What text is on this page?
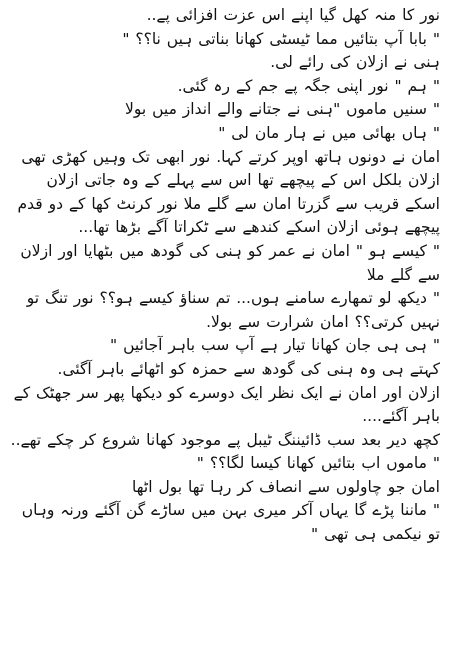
نور کا منہ کھل گیا اپنے اس عزت افزائی پے..

" بابا آپ بتائیں مما ٹیسٹی کھانا بناتی ہیں نا؟؟ "

ہنی نے ازلان کی رائے لی.

" ہم " نور اپنی جگہ پے جم کے رہ گئی.

" سنیں ماموں "ہنی نے جتانے والے انداز میں بولا

" ہاں بھائی میں نے ہار مان لی "

امان نے دونوں ہاتھ اوپر کرتے کہا. نور ابھی تک وہیں کھڑی تھی ازلان بلکل اس کے پیچھے تھا اس سے پہلے کے وہ جاتی ازلان اسکے قریب سے گزرتا امان سے گلے ملا نور کرنٹ کھا کے دو قدم پیچھے ہوئی ازلان اسکے کندھے سے ٹکراتا آگے بڑھا تھا...

" کیسے ہو " امان نے عمر کو ہنی کی گودھ میں بٹھایا اور ازلان سے گلے ملا

" دیکھ لو تمھارے سامنے ہوں... تم سناؤ کیسے ہو؟؟ نور تنگ تو نہیں کرتی؟؟ امان شرارت سے بولا.

" ہی ہی جان کھانا تیار ہے آپ سب باہر آجائیں "

کہتے ہی وہ ہنی کی گودھ سے حمزہ کو اٹھائے باہر آگئی.

ازلان اور امان نے ایک نظر ایک دوسرے کو دیکھا پھر سر جھٹک کے باہر آگئے....

کچھ دیر بعد سب ڈائیننگ ٹیبل پے موجود کھانا شروع کر چکے تھے..

" ماموں اب بتائیں کھانا کیسا لگا؟؟ "

امان جو چاولوں سے انصاف کر رہا تھا بول اٹھا

" ماننا پڑے گا یہاں آکر میری بہن میں ساڑے گن آگئے ورنہ وہاں تو نیکمی ہی تھی "
